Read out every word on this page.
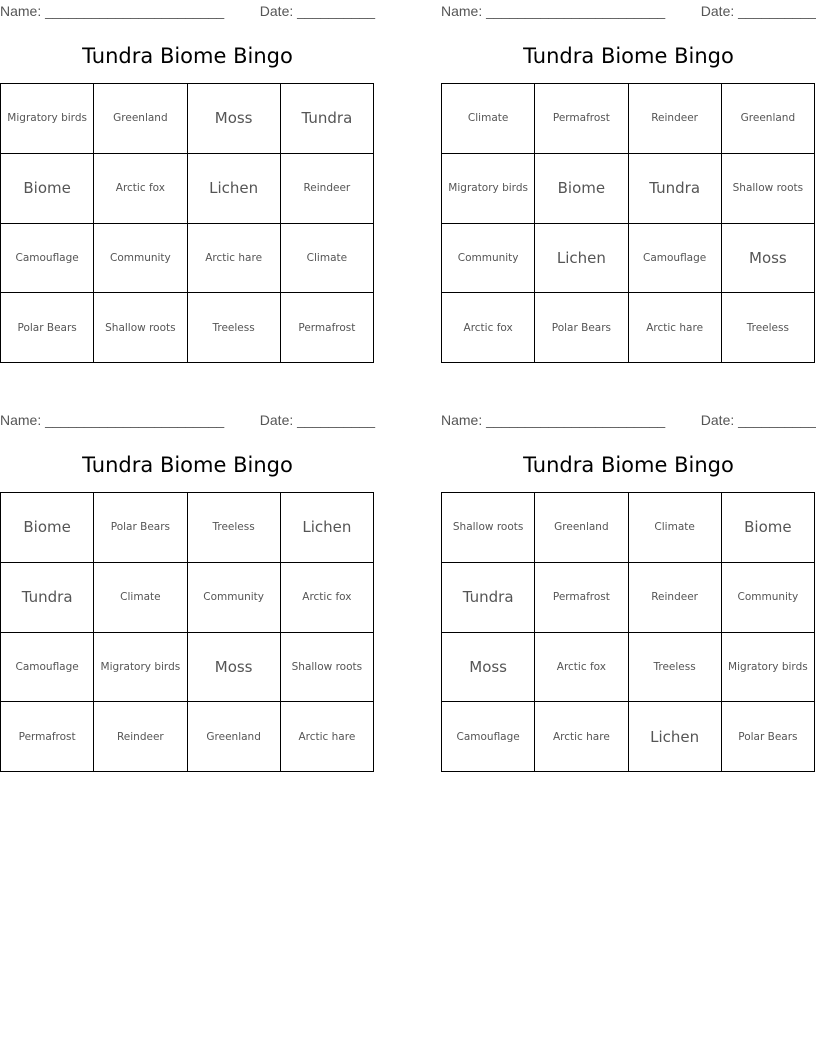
Name: _______________________	Date: __________
Tundra Biome Bingo
Migratory birds	Greenland	Moss	Tundra
Biome	Arctic fox	Lichen	Reindeer
Camouflage	Community	Arctic hare	Climate
Polar Bears	Shallow roots	Treeless	Permafrost
Name: _______________________	Date: __________
Tundra Biome Bingo
Climate	Permafrost	Reindeer	Greenland
Migratory birds	Biome	Tundra	Shallow roots
Community	Lichen	Camouflage	Moss
Arctic fox	Polar Bears	Arctic hare	Treeless
Name: _______________________	Date: __________
Tundra Biome Bingo
Biome	Polar Bears	Treeless	Lichen
Tundra	Climate	Community	Arctic fox
Camouflage	Migratory birds	Moss	Shallow roots
Permafrost	Reindeer	Greenland	Arctic hare
Name: _______________________	Date: __________
Tundra Biome Bingo
Shallow roots	Greenland	Climate	Biome
Tundra	Permafrost	Reindeer	Community
Moss	Arctic fox	Treeless	Migratory birds
Camouflage	Arctic hare	Lichen	Polar Bears
